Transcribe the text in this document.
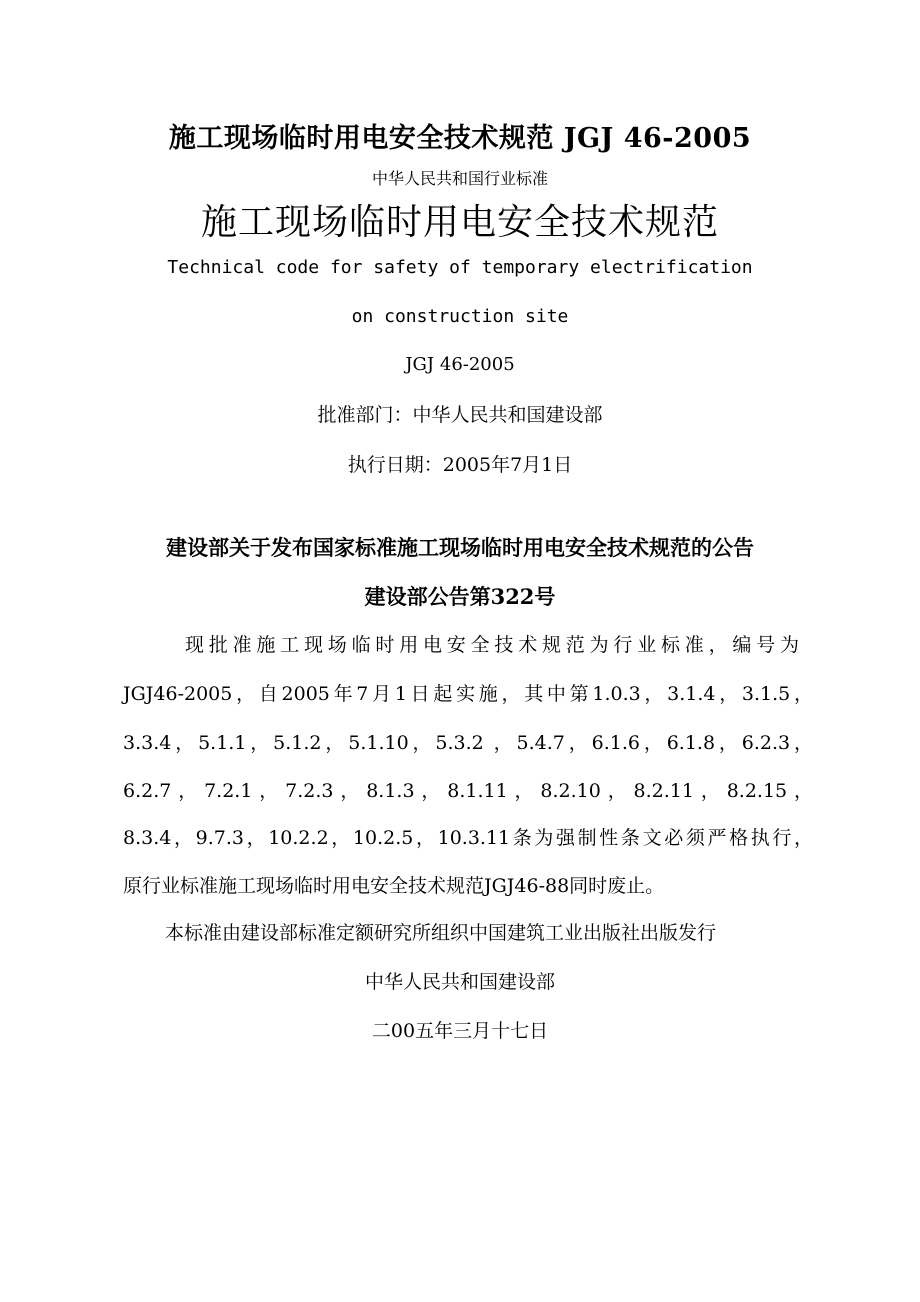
施工现场临时用电安全技术规范 JGJ 46-2005
中华人民共和国行业标准
施工现场临时用电安全技术规范
Technical code for safety of temporary electrification
on construction site
JGJ 46-2005
批准部门：中华人民共和国建设部
执行日期：2005年7月1日
建设部关于发布国家标准施工现场临时用电安全技术规范的公告
建设部公告第322号
现批准施工现场临时用电安全技术规范为行业标准，编号为
JGJ46-2005，自2005年7月1日起实施，其中第1.0.3，3.1.4，3.1.5，
3.3.4，5.1.1，5.1.2，5.1.10，5.3.2 ，5.4.7，6.1.6，6.1.8，6.2.3，
6.2.7，7.2.1，7.2.3，8.1.3，8.1.11，8.2.10，8.2.11，8.2.15，
8.3.4，9.7.3，10.2.2，10.2.5，10.3.11条为强制性条文必须严格执行，
原行业标准施工现场临时用电安全技术规范JGJ46-88同时废止。
本标准由建设部标准定额研究所组织中国建筑工业出版社出版发行
中华人民共和国建设部
二00五年三月十七日
